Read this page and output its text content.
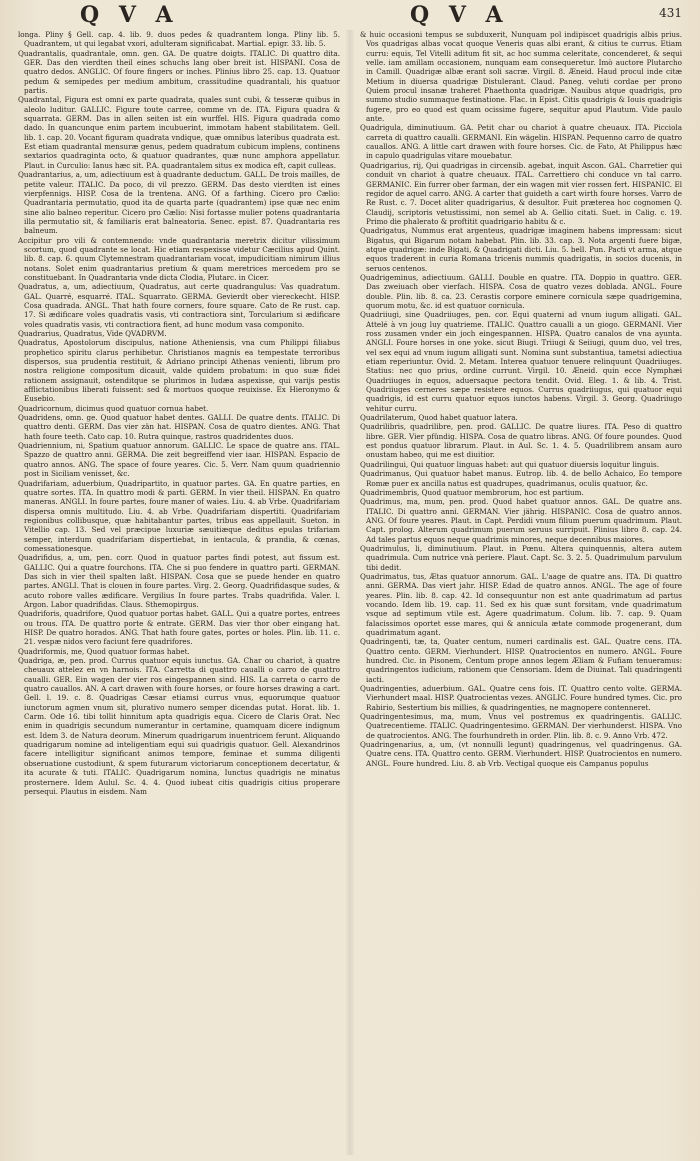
Q V A	Q V A	431

longa. Pliny § Gell. cap. 4. lib. 9. duos pedes & quadrantem longa. Pliny lib. 5. Quadrantem, ut qui legabat vxori, adulteram significabat. Martial. epigr. 33. lib. 5.

Quadrantalis, quadrantale, omn. gen. GA. De quatre doigts. ITALIC. Di quattro dita. GER. Das den vierdten theil eines schuchs lang ober breit ist. HISPANI. Cosa de quatro dedos. ANGLIC. Of foure fingers or inches. Plinius libro 25. cap. 13. Quatuor pedum & semipedes per medium ambitum, crassitudine quadrantali, his quatuor partis.

Quadrantal, Figura est omni ex parte quadrata, quales sunt cubi, & tesseræ quibus in aleolo luditur. GALLIC. Figure toute carree, comme vn de. ITA. Figura quadra & squarrata. GERM. Das in allen seiten ist ein wurffel. HIS. Figura quadrada como dado. In quancunque enim partem incubuerint, immotam habent stabilitatem. Gell. lib. 1. cap. 20. Vocant figuram quadrata vndique, quæ omnibus lateribus quadrata est. Est etiam quadrantal mensuræ genus, pedem quadratum cubicum implens, continens sextarios quadraginta octo, & quatuor quadrantes, quæ nunc amphora appellatur. Plaut. in Curculio: Ianus hæc sit. P.A. quadrantalem situs ex modica eft, capit culleas.

Quadrantarius, a, um, adiectiuum est à quadrante deductum. GALL. De trois mailles, de petite valeur. ITALIC. Da poco, di vil prezzo. GERM. Das desto vierdten ist eines vierpfennigs. HISP. Cosa de la trentena. ANG. Of a farthing. Cicero pro Cælio: Quadrantaria permutatio, quod ita de quarta parte (quadrantem) ipse quæ nec enim sine alio balneo reperitur. Cicero pro Cælio: Nisi fortasse mulier potens quadrantaria illa permutatio sit, & familiaris erat balneatoria. Senec. epist. 87. Quadrantaria res balneum.

Accipitur pro vili & contemnendo: vnde quadrantaria meretrix dicitur vilissimum scortum, quod quadrante se locat. Hic etiam respexisse videtur Cæcilius apud Quint. lib. 8. cap. 6. quum Clytemnestram quadrantariam vocat, impudicitiam nimirum illius notans. Solet enim quadrantarius pretium & quam meretrices mercedem pro se constituebant. In Quadrantaria vnde dicta Clodia, Plutarc. in Cicer.

Quadratus, a, um, adiectiuum, Quadratus, aut certe quadrangulus: Vas quadratum. GAL. Quarré, esquarré. ITAL. Squarrato. GERMA. Gevierdt ober viereckecht. HISP. Cosa quadrada. ANGL. That hath foure corners, foure square. Cato de Re rust. cap. 17. Si ædificare voles quadratis vasis, vti contractiora sint, Torcularium si ædificare voles quadratis vasis, vti contractiora fient, ad hunc modum vasa componito.

Quadrarius, Quadratus, Vide QVADRVM.

Quadratus, Apostolorum discipulus, natione Atheniensis, vna cum Philippi filiabus prophetico spiritu clarus perhibetur. Christianos magnis ea tempestate terroribus dispersos, sua prudentia restituit, & Adriano principi Athenas venienti, librum pro nostra religione compositum dicauit, valde quidem probatum: in quo suæ fidei rationem assignauit, ostenditque se plurimos in Iudæa aspexisse, qui varijs pestis afflictationibus liberati fuissent: sed & mortuos quoque reuixisse. Ex Hieronymo & Eusebio.

Quadricornum, dicimus quod quatuor cornua habet.

Quadridens, omn. ge. Quod quatuor habet dentes. GALLI. De quatre dents. ITALIC. Di quattro denti. GERM. Das vier zän hat. HISPAN. Cosa de quatro dientes. ANG. That hath foure teeth. Cato cap. 10. Rutra quinque, rastros quadridentes duos.

Quadriennium, ni, Spatium quatuor annorum. GALLIC. Le space de quatre ans. ITAL. Spazzo de quattro anni. GERMA. Die zeit begreiffend vier iaar. HISPAN. Espacio de quatro annos. ANG. The space of foure yeares. Cic. 5. Verr. Nam quum quadriennio post in Siciliam venisset, &c.

Quadrifariam, aduerbium, Quadripartito, in quatuor partes. GA. En quatre parties, en quatre sortes. ITA. In quattro modi & parti. GERM. In vier theil. HISPAN. En quatro maneras. ANGLI. In foure partes, foure maner of waies. Liu. 4. ab Vrbe. Quadrifariam dispersa omnis multitudo. Liu. 4. ab Vrbe. Quadrifariam dispertiti. Quadrifariam regionibus collibusque, quæ habitabantur partes, tribus eas appellauit. Sueton. in Vitellio cap. 13. Sed vel præcipue luxuriæ sæuitiæque deditus epulas trifariam semper, interdum quadrifariam dispertiebat, in ientacula, & prandia, & cœnas, comessationesque.

Quadrifidus, a, um, pen. corr. Quod in quatuor partes findi potest, aut fissum est. GALLIC. Qui a quatre fourchons. ITA. Che si puo fendere in quattro parti. GERMAN. Das sich in vier theil spalten laßt. HISPAN. Cosa que se puede hender en quatro partes. ANGLI. That is clouen in foure partes. Virg. 2. Georg. Quadrifidasque sudes, & acuto robore valles ædificare. Vergilius In foure partes. Trabs quadrifida. Valer. l. Argon. Labor quadrifidas. Claus. Sthemopirgus.

Quadriforis, quadrifore, Quod quatuor portas habet. GALL. Qui a quatre portes, entrees ou trous. ITA. De quattro porte & entrate. GERM. Das vier thor ober eingang hat. HISP. De quatro horados. ANG. That hath foure gates, portes or holes. Plin. lib. 11. c. 21. vespæ nidos vero faciunt fere quadrifores.

Quadriformis, me, Quod quatuor formas habet.

Quadriga, æ, pen. prod. Currus quatuor equis iunctus. GA. Char ou chariot, à quatre cheuaux attelez en vn harnois. ITA. Carretta di quattro caualli o carro de quattro caualli. GER. Ein wagen der vier ros eingespannen sind. HIS. La carreta o carro de quatro cauallos. AN. A cart drawen with foure horses, or foure horses drawing a cart. Gell. l. 19. c. 8. Quadrigas Cæsar etiamsi currus vnus, equorumque quatuor iunctorum agmen vnum sit, plurativo numero semper dicendas putat. Horat. lib. 1. Carm. Ode 16. tibi tollit hinnitum apta quadrigis equa. Cicero de Claris Orat. Nec enim in quadrigis secundum numerantur in certamine, quamquam dicere indignum est. Idem 3. de Natura deorum. Minerum quadrigarum inuentricem ferunt. Aliquando quadrigarum nomine ad inteligentiam equi sui quadrigis quatuor. Gell. Alexandrinos facere intelligitur significant animos tempore, feminae et summa diligenti obseruatione custodiunt, & spem futurarum victoriarum conceptionem decertatur, & ita acurate & tuti. ITALIC. Quadrigarum nomina, Iunctus quadrigis ne minatus prosternere. Idem Aulul. Sc. 4. 4. Quod iubeat citis quadrigis citius properare persequi. Plautus in eisdem. Nam

& huic occasioni tempus se subduxerit, Nunquam pol indipiscet quadrigis albis prius. Vos quadrigas albas vocat quoque Veneris quas albi erant, & citius te currus. Etiam curru: equis, Tel Vitelli aditum fit sit, ac hoc summa celeritate, concenderet, & sequi velle. iam amillam occasionem, nunquam eam consequeretur. Imò auctore Plutarcho in Camill. Quadrigæ albæ erant soli sacræ. Virgil. 8. Æneid. Haud procul inde citæ Metium in diuersa quadrigæ Distulerant. Claud. Paneg. veluti cordae per prono Quiem procul insanæ traheret Phaethonta quadrigæ. Nauibus atque quadrigis, pro summo studio summaque festinatione. Flac. in Epist. Citis quadrigis & Iouis quadrigis fugere, pro eo quod est quam ocissime fugere, sequitur apud Plautum. Vide paulo ante.

Quadrigula, diminutiuum. GA. Petit char ou chariot à quatre cheuaux. ITA. Picciola carreta di quattro caualli. GERMANI. Ein wägelin. HISPAN. Pequenno carro de quatro cauallos. ANG. A little cart drawen with foure horses. Cic. de Fato, At Philippus hæc in capulo quadrigulas vitare mouebatur.

Quadrigarius, rij, Qui quadrigas in circensib. agebat, inquit Ascon. GAL. Charretier qui conduit vn chariot à quatre cheuaux. ITAL. Carrettiero chi conduce vn tal carro. GERMANIC. Ein furrer ober farman, der ein wagen mit vier rossen fert. HISPANIC. El regidor de aquel carro. ANG. A carter that guideth a cart wirth foure horses. Varro de Re Rust. c. 7. Docet aliter quadrigarius, & desultor. Fuit præterea hoc cognomen Q. Claudij, scriptoris vetustissimi, non semel ab A. Gellio citati. Suet. in Calig. c. 19. Primo die phalerato & proftitit quadrigario habitu & c.

Quadrigatus, Nummus erat argenteus, quadrigæ imaginem habens impressam: sicut Bigatus, qui Bigarum notam habebat. Plin. lib. 33. cap. 3. Nota argenti fuere bigæ, atque quadrigæ: inde Bigati, & Quadrigati dicti. Liu. 5. bell. Pun. Pacti vt arma, atque equos traderent in curia Romana tricenis nummis quadrigatis, in socios ducenis, in seruos centenos.

Quadrigeminus, adiectiuum. GALLI. Double en quatre. ITA. Doppio in quattro. GER. Das zweiuach ober vierfach. HISPA. Cosa de quatro vezes doblada. ANGL. Foure double. Plin. lib. 8. ca. 23. Cerastis corpore eminere cornicula sæpe quadrigemina, quorum motu, &c. id est quatuor cornicula.

Quadriiugi, sine Quadriiuges, pen. cor. Equi quaterni ad vnum iugum alligati. GAL. Attelé à vn joug luy quatrieme. ITALIC. Quattro caualli a un giogo. GERMANI. Vier ross zusamen vnder ein joch eingespannen. HISPA. Quatro canalos de vna ayunta. ANGLI. Foure horses in one yoke. sicut Biugi. Triiugi & Seiiugi, quum duo, vel tres, vel sex equi ad vnum iugum alligati sunt. Nomina sunt substantiua, tametsi adiectiua etiam reperiuntur. Ovid. 2. Metam. Interea quatuor tenuere relinquunt Quadriiuges. Statius: nec quo prius, ordine currunt. Virgil. 10. Æneid. quin ecce Nymphæi Quadriiuges in equos, aduersaque pectora tendit. Ovid. Eleg. 1. & lib. 4. Trist. Quadriiuges cerneres sæpe resistere equos. Currus quadriiugus, qui quatuor equi quadrigis, id est curru quatuor equos iunctos habens. Virgil. 3. Georg. Quadriiugo vehitur curru.

Quadrilaterum, Quod habet quatuor latera.

Quadrilibris, quadrilibre, pen. prod. GALLIC. De quatre liures. ITA. Peso di quattro libre. GER. Vier pfündig. HISPA. Cosa de quatro libras. ANG. Of foure poundes. Quod est pondus quatuor librarum. Plaut. in Aul. Sc. 1. 4. 5. Quadrilibrem ansam auro onustam habeo, qui me est diuitior.

Quadrilingui, Qui quatuor linguas habet: aut qui quatuor diuersis loquitur linguis.

Quadrimanus, Qui quatuor habet manus. Eutrop. lib. 4. de bello Achaico, Eo tempore Romæ puer ex ancilla natus est quadrupes, quadrimanus, oculis quatuor, &c.

Quadrimembris, Quod quatuor membrorum, hoc est partium.

Quadrimus, ma, mum, pen. prod. Quod habet quatuor annos. GAL. De quatre ans. ITALIC. Di quattro anni. GERMAN. Vier jährig. HISPANIC. Cosa de quatro annos. ANG. Of foure yeares. Plaut. in Capt. Perdidi vnum filium puerum quadrimum. Plaut. Capt. prolog. Alterum quadrimum puerum seruus surripuit. Plinius libro 8. cap. 24. Ad tales partus equos neque quadrimis minores, neque decennibus maiores.

Quadrimulus, li, diminutiuum. Plaut. in Pœnu. Altera quinquennis, altera autem quadrimula. Cum nutrice vnà periere. Plaut. Capt. Sc. 3. 2. 5. Quadrimulum parvulum tibi dedit.

Quadrimatus, tus, Ætas quatuor annorum. GAL. L'aage de quatre ans. ITA. Di quattro anni. GERMA. Das viert jahr. HISP. Edad de quatro annos. ANGL. The age of foure yeares. Plin. lib. 8. cap. 42. Id consequuntur non est ante quadrimatum ad partus vocando. Idem lib. 19. cap. 11. Sed ex his quæ sunt forsitam, vnde quadrimatum vsque ad septimum vtile est. Agere quadrimatum. Colum. lib. 7. cap. 9. Quam falacissimos oportet esse mares, qui & annicula ætate commode progenerant, dum quadrimatum agant.

Quadringenti, tæ, ta, Quater centum, numeri cardinalis est. GAL. Quatre cens. ITA. Quattro cento. GERM. Vierhundert. HISP. Quatrocientos en numero. ANGL. Foure hundred. Cic. in Pisonem, Centum prope annos legem Æliam & Fufiam tenueramus: quadringentos iudicium, rationem que Censoriam. Idem de Diuinat. Tali quadringenti iacti.

Quadringenties, aduerbium. GAL. Quatre cens fois. IT. Quattro cento volte. GERMA. Vierhundert maal. HISP. Quatrocientas vezes. ANGLIC. Foure hundred tymes. Cic. pro Rabirio, Sestertium bis millies, & quadringenties, ne magnopere contenneret.

Quadringentesimus, ma, mum, Vnus vel postremus ex quadringentis. GALLIC. Quatrecentieme. ITALIC. Quadringentesimo. GERMAN. Der vierhunderst. HISPA. Vno de quatrocientos. ANG. The fourhundreth in order. Plin. lib. 8. c. 9. Anno Vrb. 472.

Quadringenarius, a, um, (vt nonnulli legunt) quadringenus, vel quadringenus. GA. Quatre cens. ITA. Quattro cento. GERM. Vierhundert. HISP. Quatrocientos en numero. ANGL. Foure hundred. Liu. 8. ab Vrb. Vectigal quoque eis Campanus populus
